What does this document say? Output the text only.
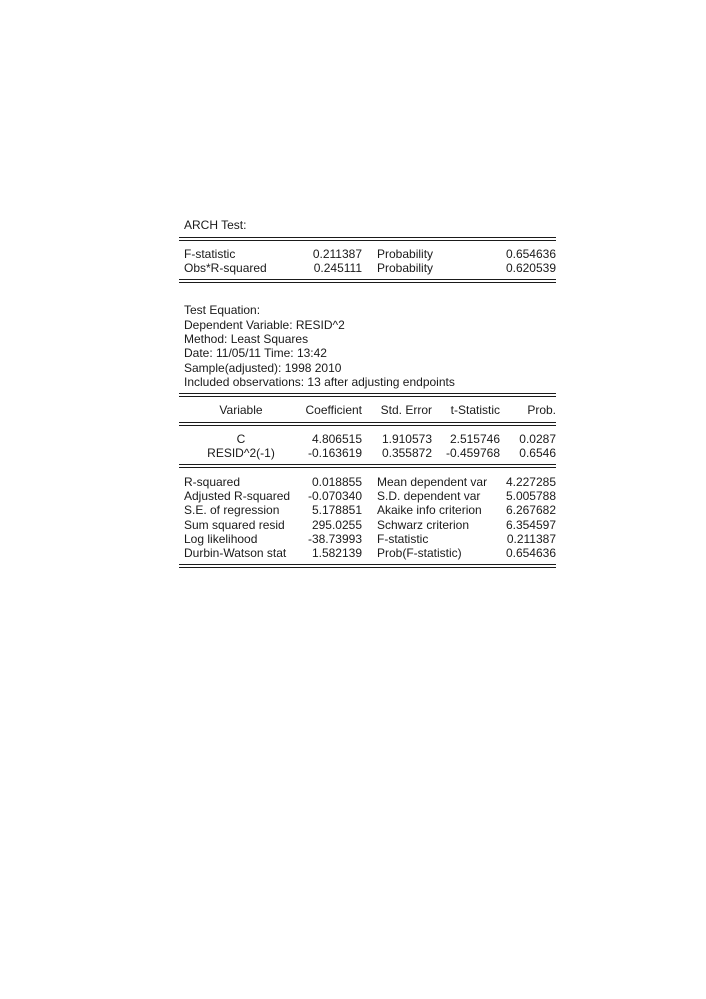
ARCH Test:
F-statistic	0.211387 Probability	0.654636
Obs*R-squared	0.245111 Probability	0.620539
Test Equation:
Dependent Variable: RESID^2
Method: Least Squares
Date: 11/05/11 Time: 13:42
Sample(adjusted): 1998 2010
Included observations: 13 after adjusting endpoints
Variable	Coefficient	Std. Error	t-Statistic	Prob.
C	4.806515	1.910573	2.515746	0.0287
RESID^2(-1)	-0.163619	0.355872	-0.459768	0.6546
R-squared	0.018855 Mean dependent var	4.227285
Adjusted R-squared	-0.070340 S.D. dependent var	5.005788
S.E. of regression	5.178851 Akaike info criterion	6.267682
Sum squared resid	295.0255 Schwarz criterion	6.354597
Log likelihood	-38.73993 F-statistic	0.211387
Durbin-Watson stat	1.582139 Prob(F-statistic)	0.654636
